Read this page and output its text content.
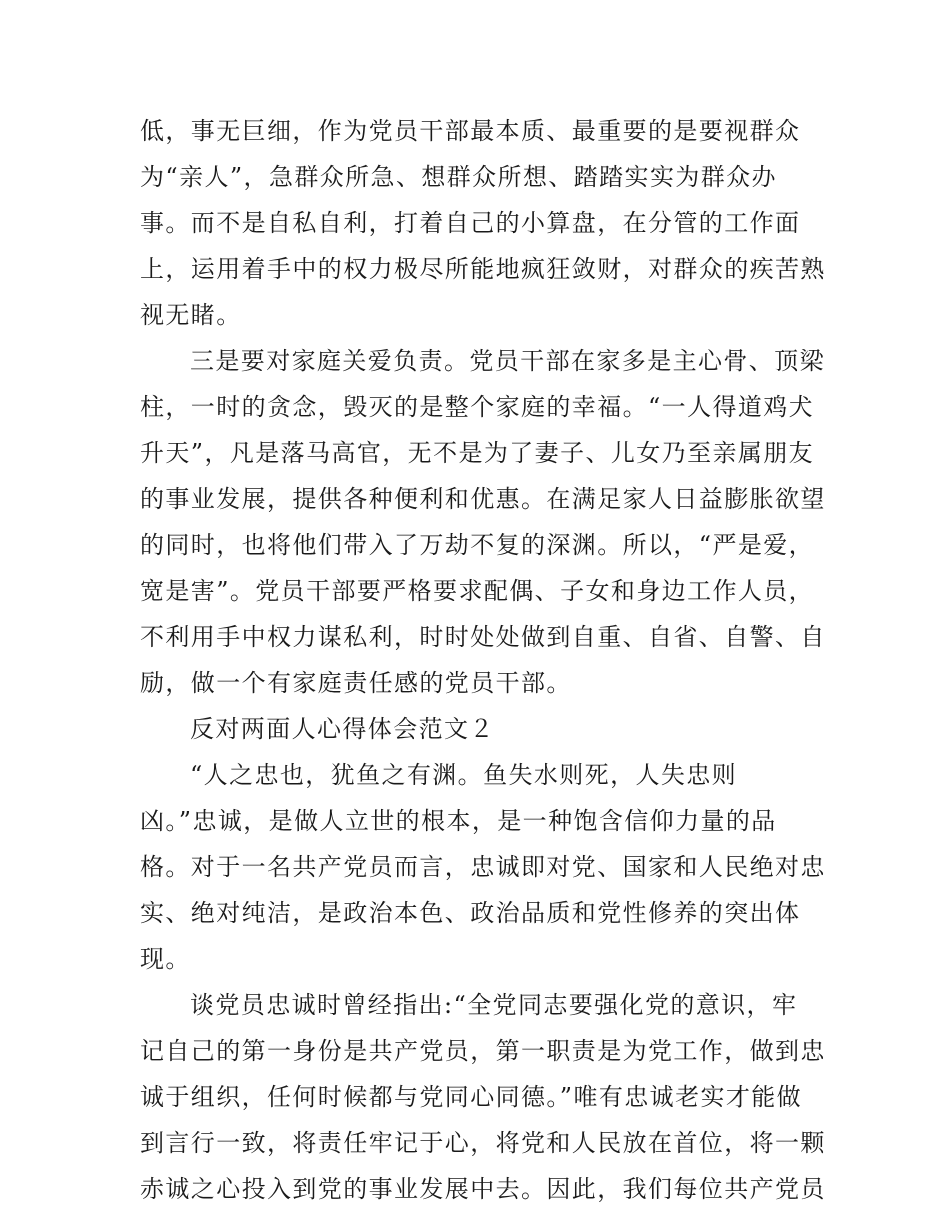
低，事无巨细，作为党员干部最本质、最重要的是要视群众
为“亲人”，急群众所急、想群众所想、踏踏实实为群众办
事。而不是自私自利，打着自己的小算盘，在分管的工作面
上，运用着手中的权力极尽所能地疯狂敛财，对群众的疾苦熟
视无睹。
三是要对家庭关爱负责。党员干部在家多是主心骨、顶梁
柱，一时的贪念，毁灭的是整个家庭的幸福。“一人得道鸡犬
升天”，凡是落马高官，无不是为了妻子、儿女乃至亲属朋友
的事业发展，提供各种便利和优惠。在满足家人日益膨胀欲望
的同时，也将他们带入了万劫不复的深渊。所以，“严是爱，
宽是害”。党员干部要严格要求配偶、子女和身边工作人员，
不利用手中权力谋私利，时时处处做到自重、自省、自警、自
励，做一个有家庭责任感的党员干部。
反对两面人心得体会范文２
“人之忠也，犹鱼之有渊。鱼失水则死，人失忠则
凶。”忠诚，是做人立世的根本，是一种饱含信仰力量的品
格。对于一名共产党员而言，忠诚即对党、国家和人民绝对忠
实、绝对纯洁，是政治本色、政治品质和党性修养的突出体
现。
谈党员忠诚时曾经指出:“全党同志要强化党的意识，牢
记自己的第一身份是共产党员，第一职责是为党工作，做到忠
诚于组织，任何时候都与党同心同德。”唯有忠诚老实才能做
到言行一致，将责任牢记于心，将党和人民放在首位，将一颗
赤诚之心投入到党的事业发展中去。因此，我们每位共产党员
